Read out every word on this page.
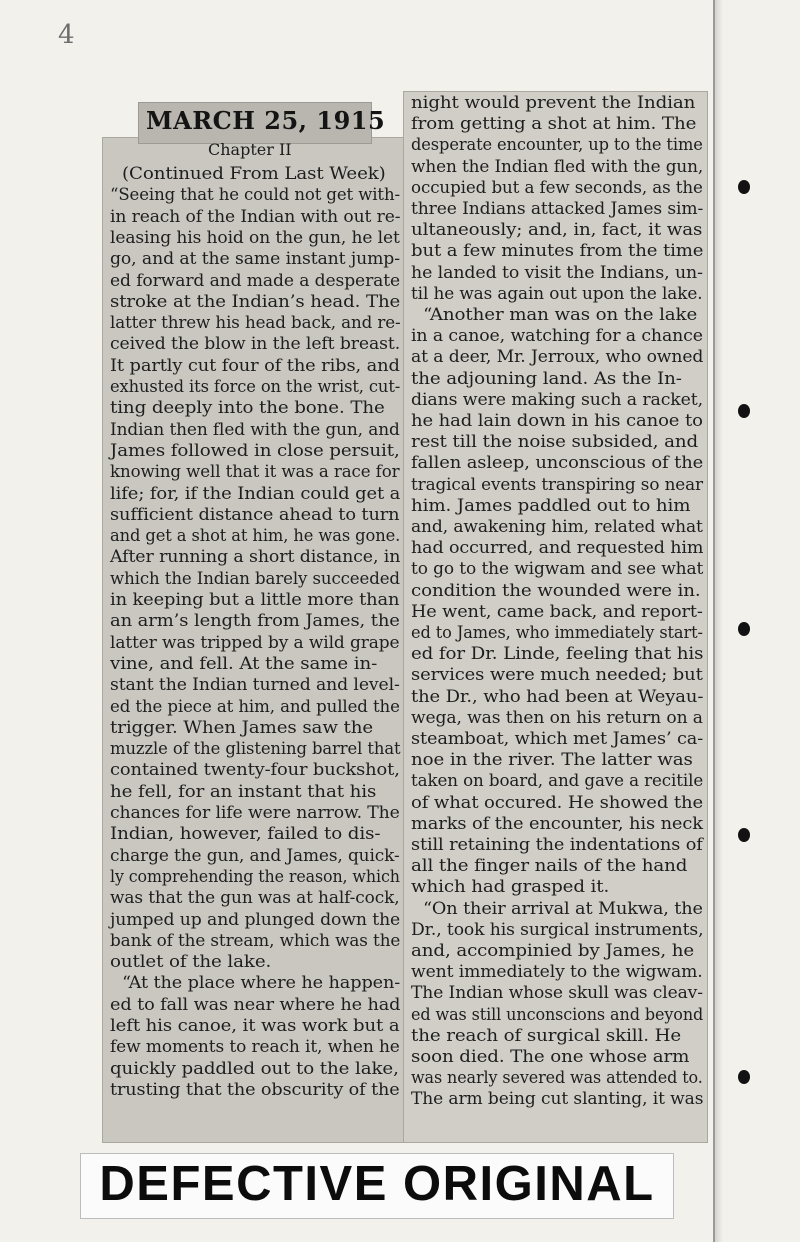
4
MARCH 25, 1915
Chapter II
(Continued From Last Week)
“Seeing that he could not get with-
in reach of the Indian with out re-
leasing his hoid on the gun, he let
go, and at the same instant jump-
ed forward and made a desperate
stroke at the Indian’s head. The
latter threw his head back, and re-
ceived the blow in the left breast.
It partly cut four of the ribs, and
exhusted its force on the wrist, cut-
ting deeply into the bone. The
Indian then fled with the gun, and
James followed in close persuit,
knowing well that it was a race for
life; for, if the Indian could get a
sufficient distance ahead to turn
and get a shot at him, he was gone.
After running a short distance, in
which the Indian barely succeeded
in keeping but a little more than
an arm’s length from James, the
latter was tripped by a wild grape
vine, and fell. At the same in-
stant the Indian turned and level-
ed the piece at him, and pulled the
trigger. When James saw the
muzzle of the glistening barrel that
contained twenty-four buckshot,
he fell, for an instant that his
chances for life were narrow. The
Indian, however, failed to dis-
charge the gun, and James, quick-
ly comprehending the reason, which
was that the gun was at half-cock,
jumped up and plunged down the
bank of the stream, which was the
outlet of the lake.
“At the place where he happen-
ed to fall was near where he had
left his canoe, it was work but a
few moments to reach it, when he
quickly paddled out to the lake,
trusting that the obscurity of the
night would prevent the Indian
from getting a shot at him. The
desperate encounter, up to the time
when the Indian fled with the gun,
occupied but a few seconds, as the
three Indians attacked James sim-
ultaneously; and, in, fact, it was
but a few minutes from the time
he landed to visit the Indians, un-
til he was again out upon the lake.
“Another man was on the lake
in a canoe, watching for a chance
at a deer, Mr. Jerroux, who owned
the adjouning land. As the In-
dians were making such a racket,
he had lain down in his canoe to
rest till the noise subsided, and
fallen asleep, unconscious of the
tragical events transpiring so near
him. James paddled out to him
and, awakening him, related what
had occurred, and requested him
to go to the wigwam and see what
condition the wounded were in.
He went, came back, and report-
ed to James, who immediately start-
ed for Dr. Linde, feeling that his
services were much needed; but
the Dr., who had been at Weyau-
wega, was then on his return on a
steamboat, which met James’ ca-
noe in the river. The latter was
taken on board, and gave a recitile
of what occured. He showed the
marks of the encounter, his neck
still retaining the indentations of
all the finger nails of the hand
which had grasped it.
“On their arrival at Mukwa, the
Dr., took his surgical instruments,
and, accompinied by James, he
went immediately to the wigwam.
The Indian whose skull was cleav-
ed was still unconscions and beyond
the reach of surgical skill. He
soon died. The one whose arm
was nearly severed was attended to.
The arm being cut slanting, it was
DEFECTIVE ORIGINAL
